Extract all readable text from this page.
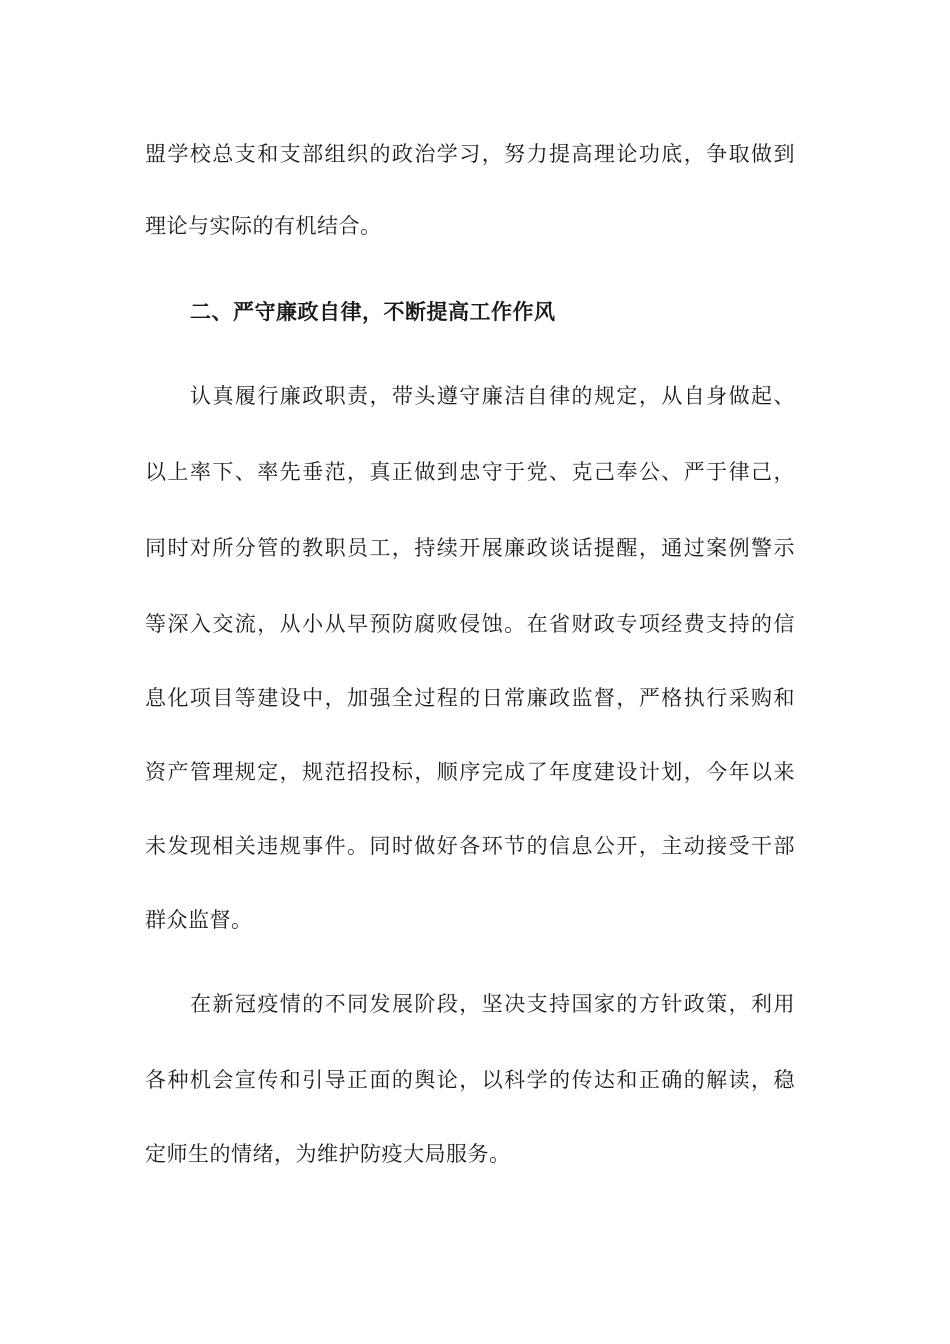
盟学校总支和支部组织的政治学习，努力提高理论功底，争取做到
理论与实际的有机结合。
二、严守廉政自律，不断提高工作作风
认真履行廉政职责，带头遵守廉洁自律的规定，从自身做起、
以上率下、率先垂范，真正做到忠守于党、克己奉公、严于律己，
同时对所分管的教职员工，持续开展廉政谈话提醒，通过案例警示
等深入交流，从小从早预防腐败侵蚀。在省财政专项经费支持的信
息化项目等建设中，加强全过程的日常廉政监督，严格执行采购和
资产管理规定，规范招投标，顺序完成了年度建设计划，今年以来
未发现相关违规事件。同时做好各环节的信息公开，主动接受干部
群众监督。
在新冠疫情的不同发展阶段，坚决支持国家的方针政策，利用
各种机会宣传和引导正面的舆论，以科学的传达和正确的解读，稳
定师生的情绪，为维护防疫大局服务。
